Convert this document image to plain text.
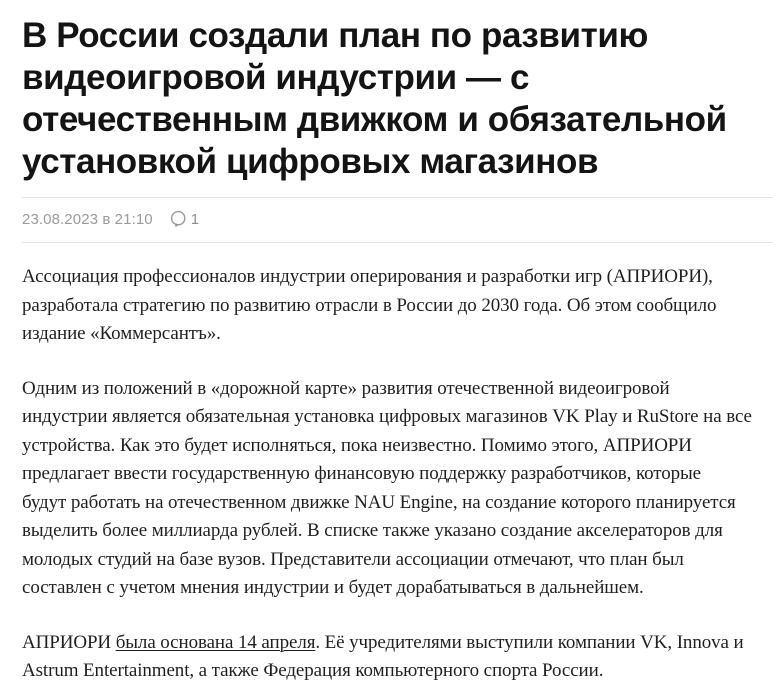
В России создали план по развитию
видеоигровой индустрии — с
отечественным движком и обязательной
установкой цифровых магазинов
23.08.2023 в 21:10	1

Ассоциация профессионалов индустрии оперирования и разработки игр (АПРИОРИ),
разработала стратегию по развитию отрасли в России до 2030 года. Об этом сообщило
издание «Коммерсантъ».

Одним из положений в «дорожной карте» развития отечественной видеоигровой
индустрии является обязательная установка цифровых магазинов VK Play и RuStore на все
устройства. Как это будет исполняться, пока неизвестно. Помимо этого, АПРИОРИ
предлагает ввести государственную финансовую поддержку разработчиков, которые
будут работать на отечественном движке NAU Engine, на создание которого планируется
выделить более миллиарда рублей. В списке также указано создание акселераторов для
молодых студий на базе вузов. Представители ассоциации отмечают, что план был
составлен с учетом мнения индустрии и будет дорабатываться в дальнейшем.

АПРИОРИ была основана 14 апреля. Её учредителями выступили компании VK, Innova и
Astrum Entertainment, а также Федерация компьютерного спорта России.
